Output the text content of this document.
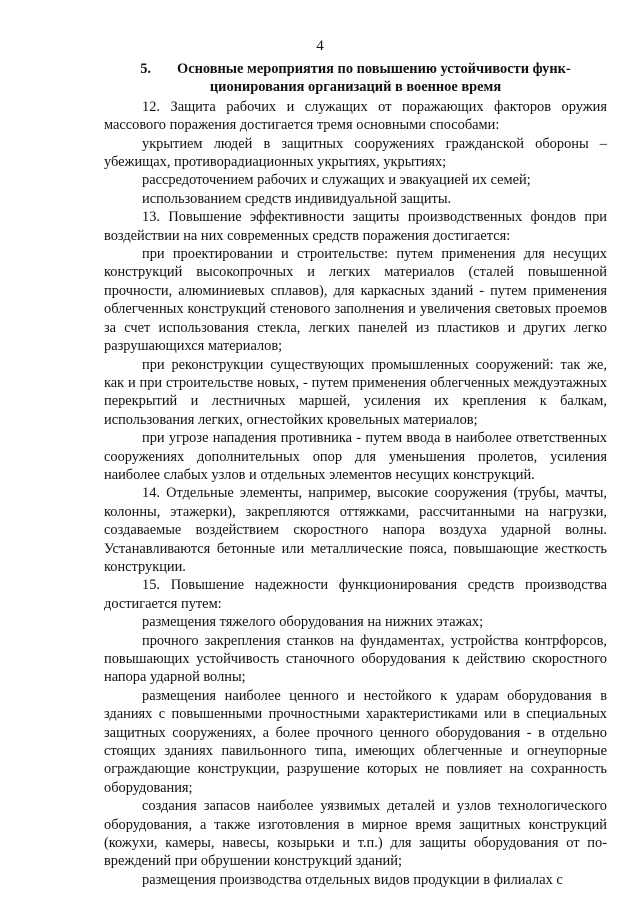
4
5. Основные мероприятия по повышению устойчивости функ-
ционирования организаций в военное время

12. Защита рабочих и служащих от поражающих факторов оружия массового поражения достигается тремя основными способами:

укрытием людей в защитных сооружениях гражданской обороны – убежищах, противорадиационных укрытиях, укрытиях;

рассредоточением рабочих и служащих и эвакуацией их семей;

использованием средств индивидуальной защиты.

13. Повышение эффективности защиты производственных фондов при воздействии на них современных средств поражения достигается:

при проектировании и строительстве: путем применения для несущих конструкций высокопрочных и легких материалов (сталей повышенной прочности, алюминиевых сплавов), для каркасных зданий - путем применения облегченных конструкций стенового заполнения и увеличения световых проемов за счет использования стекла, легких панелей из пластиков и других легко разрушающихся материалов;

при реконструкции существующих промышленных сооружений: так же, как и при строительстве новых, - путем применения облегченных междуэтажных перекрытий и лестничных маршей, усиления их крепления к балкам, использования легких, огнестойких кровельных материалов;

при угрозе нападения противника - путем ввода в наиболее ответственных сооружениях дополнительных опор для уменьшения пролетов, усиления наиболее слабых узлов и отдельных элементов несущих конструкций.

14. Отдельные элементы, например, высокие сооружения (трубы, мачты, колонны, этажерки), закрепляются оттяжками, рассчитанными на нагрузки, создаваемые воздействием скоростного напора воздуха ударной волны. Устанавливаются бетонные или металлические пояса, повышающие жесткость конструкции.

15. Повышение надежности функционирования средств производства достигается путем:

размещения тяжелого оборудования на нижних этажах;

прочного закрепления станков на фундаментах, устройства контрфорсов, повышающих устойчивость станочного оборудования к действию скоростного напора ударной волны;

размещения наиболее ценного и нестойкого к ударам оборудования в зданиях с повышенными прочностными характеристиками или в специальных защитных сооружениях, а более прочного ценного оборудования - в отдельно стоящих зданиях павильонного типа, имеющих облегченные и огнеупорные ограждающие конструкции, разрушение которых не повлияет на сохранность оборудования;

создания запасов наиболее уязвимых деталей и узлов технологического оборудования, а также изготовления в мирное время защитных конструкций (кожухи, камеры, навесы, козырьки и т.п.) для защиты оборудования от повреждений при обрушении конструкций зданий;

размещения производства отдельных видов продукции в филиалах с
